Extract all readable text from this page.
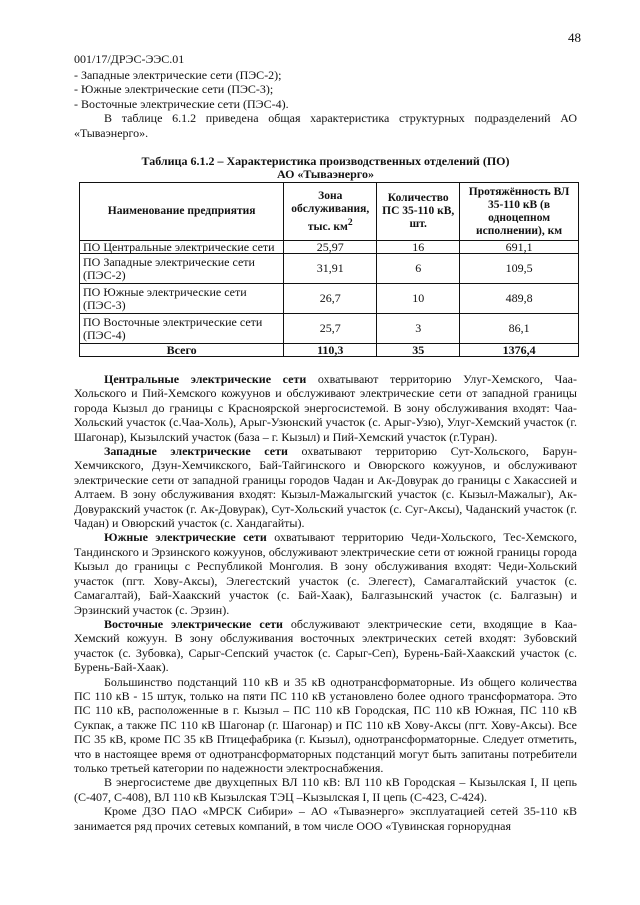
48
001/17/ДРЭС-ЭЭС.01

- Западные электрические сети (ПЭС-2);

- Южные электрические сети (ПЭС-3);

- Восточные электрические сети (ПЭС-4).

В таблице 6.1.2 приведена общая характеристика структурных подразделений АО «Тываэнерго».

Таблица 6.1.2 – Характеристика производственных отделений (ПО)
АО «Тываэнерго»
Наименование предприятия	Зона обслуживания, тыс. $км^2$	Количество ПС 35-110 кВ, шт.	Протяжённость ВЛ 35-110 кВ (в одноцепном исполнении), км
ПО Центральные электрические сети	25,97	16	691,1
ПО Западные электрические сети (ПЭС-2)	31,91	6	109,5
ПО Южные электрические сети (ПЭС-3)	26,7	10	489,8
ПО Восточные электрические сети (ПЭС-4)	25,7	3	86,1
Всего	110,3	35	1376,4

Центральные электрические сети охватывают территорию Улуг-Хемского, Чаа-Хольского и Пий-Хемского кожуунов и обслуживают электрические сети от западной границы города Кызыл до границы с Красноярской энергосистемой. В зону обслуживания входят: Чаа-Хольский участок (с.Чаа-Холь), Арыг-Узюнский участок (с. Арыг-Узю), Улуг-Хемский участок (г. Шагонар), Кызылский участок (база – г. Кызыл) и Пий-Хемский участок (г.Туран).

Западные электрические сети охватывают территорию Сут-Хольского, Барун-Хемчикского, Дзун-Хемчикского, Бай-Тайгинского и Овюрского кожуунов, и обслуживают электрические сети от западной границы городов Чадан и Ак-Довурак до границы с Хакассией и Алтаем. В зону обслуживания входят: Кызыл-Мажалыгский участок (с. Кызыл-Мажалыг), Ак-Довуракский участок (г. Ак-Довурак), Сут-Хольский участок (с. Суг-Аксы), Чаданский участок (г. Чадан) и Овюрский участок (с. Хандагайты).

Южные электрические сети охватывают территорию Чеди-Хольского, Тес-Хемского, Тандинского и Эрзинского кожуунов, обслуживают электрические сети от южной границы города Кызыл до границы с Республикой Монголия. В зону обслуживания входят: Чеди-Хольский участок (пгт. Хову-Аксы), Элегестский участок (с. Элегест), Самагалтайский участок (с. Самагалтай), Бай-Хаакский участок (с. Бай-Хаак), Балгазынский участок (с. Балгазын) и Эрзинский участок (с. Эрзин).

Восточные электрические сети обслуживают электрические сети, входящие в Каа-Хемский кожуун. В зону обслуживания восточных электрических сетей входят: Зубовский участок (с. Зубовка), Сарыг-Сепский участок (с. Сарыг-Сеп), Бурень-Бай-Хаакский участок (с. Бурень-Бай-Хаак).

Большинство подстанций 110 кВ и 35 кВ однотрансформаторные. Из общего количества ПС 110 кВ - 15 штук, только на пяти ПС 110 кВ установлено более одного трансформатора. Это ПС 110 кВ, расположенные в г. Кызыл – ПС 110 кВ Городская, ПС 110 кВ Южная, ПС 110 кВ Сукпак, а также ПС 110 кВ Шагонар (г. Шагонар) и ПС 110 кВ Хову-Аксы (пгт. Хову-Аксы). Все ПС 35 кВ, кроме ПС 35 кВ Птицефабрика (г. Кызыл), однотрансформаторные. Следует отметить, что в настоящее время от однотрансформаторных подстанций могут быть запитаны потребители только третьей категории по надежности электроснабжения.

В энергосистеме две двухцепных ВЛ 110 кВ: ВЛ 110 кВ Городская – Кызылская I, II цепь (С-407, С-408), ВЛ 110 кВ Кызылская ТЭЦ –Кызылская I, II цепь (С-423, С-424).

Кроме ДЗО ПАО «МРСК Сибири» – АО «Тываэнерго» эксплуатацией сетей 35-110 кВ занимается ряд прочих сетевых компаний, в том числе ООО «Тувинская горнорудная
